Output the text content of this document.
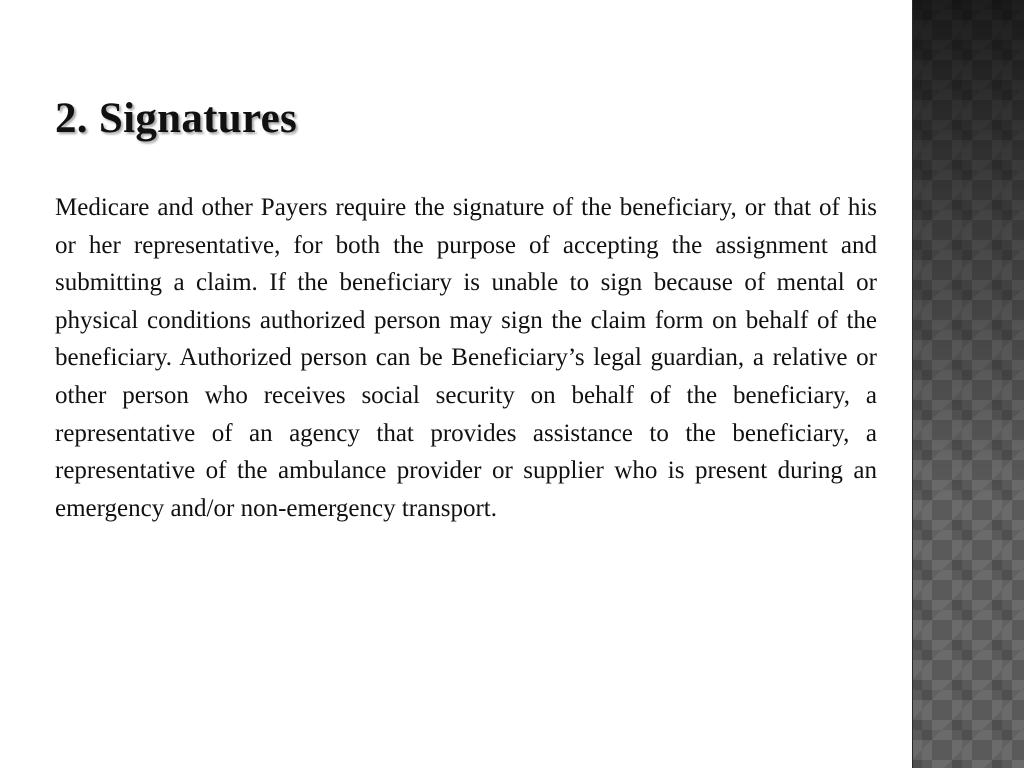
2. Signatures

Medicare and other Payers require the signature of the beneficiary, or that of his or her representative, for both the purpose of accepting the assignment and submitting a claim. If the beneficiary is unable to sign because of mental or physical conditions authorized person may sign the claim form on behalf of the beneficiary. Authorized person can be Beneficiary’s legal guardian, a relative or other person who receives social security on behalf of the beneficiary, a representative of an agency that provides assistance to the beneficiary, a representative of the ambulance provider or supplier who is present during an emergency and/or non-emergency transport.
